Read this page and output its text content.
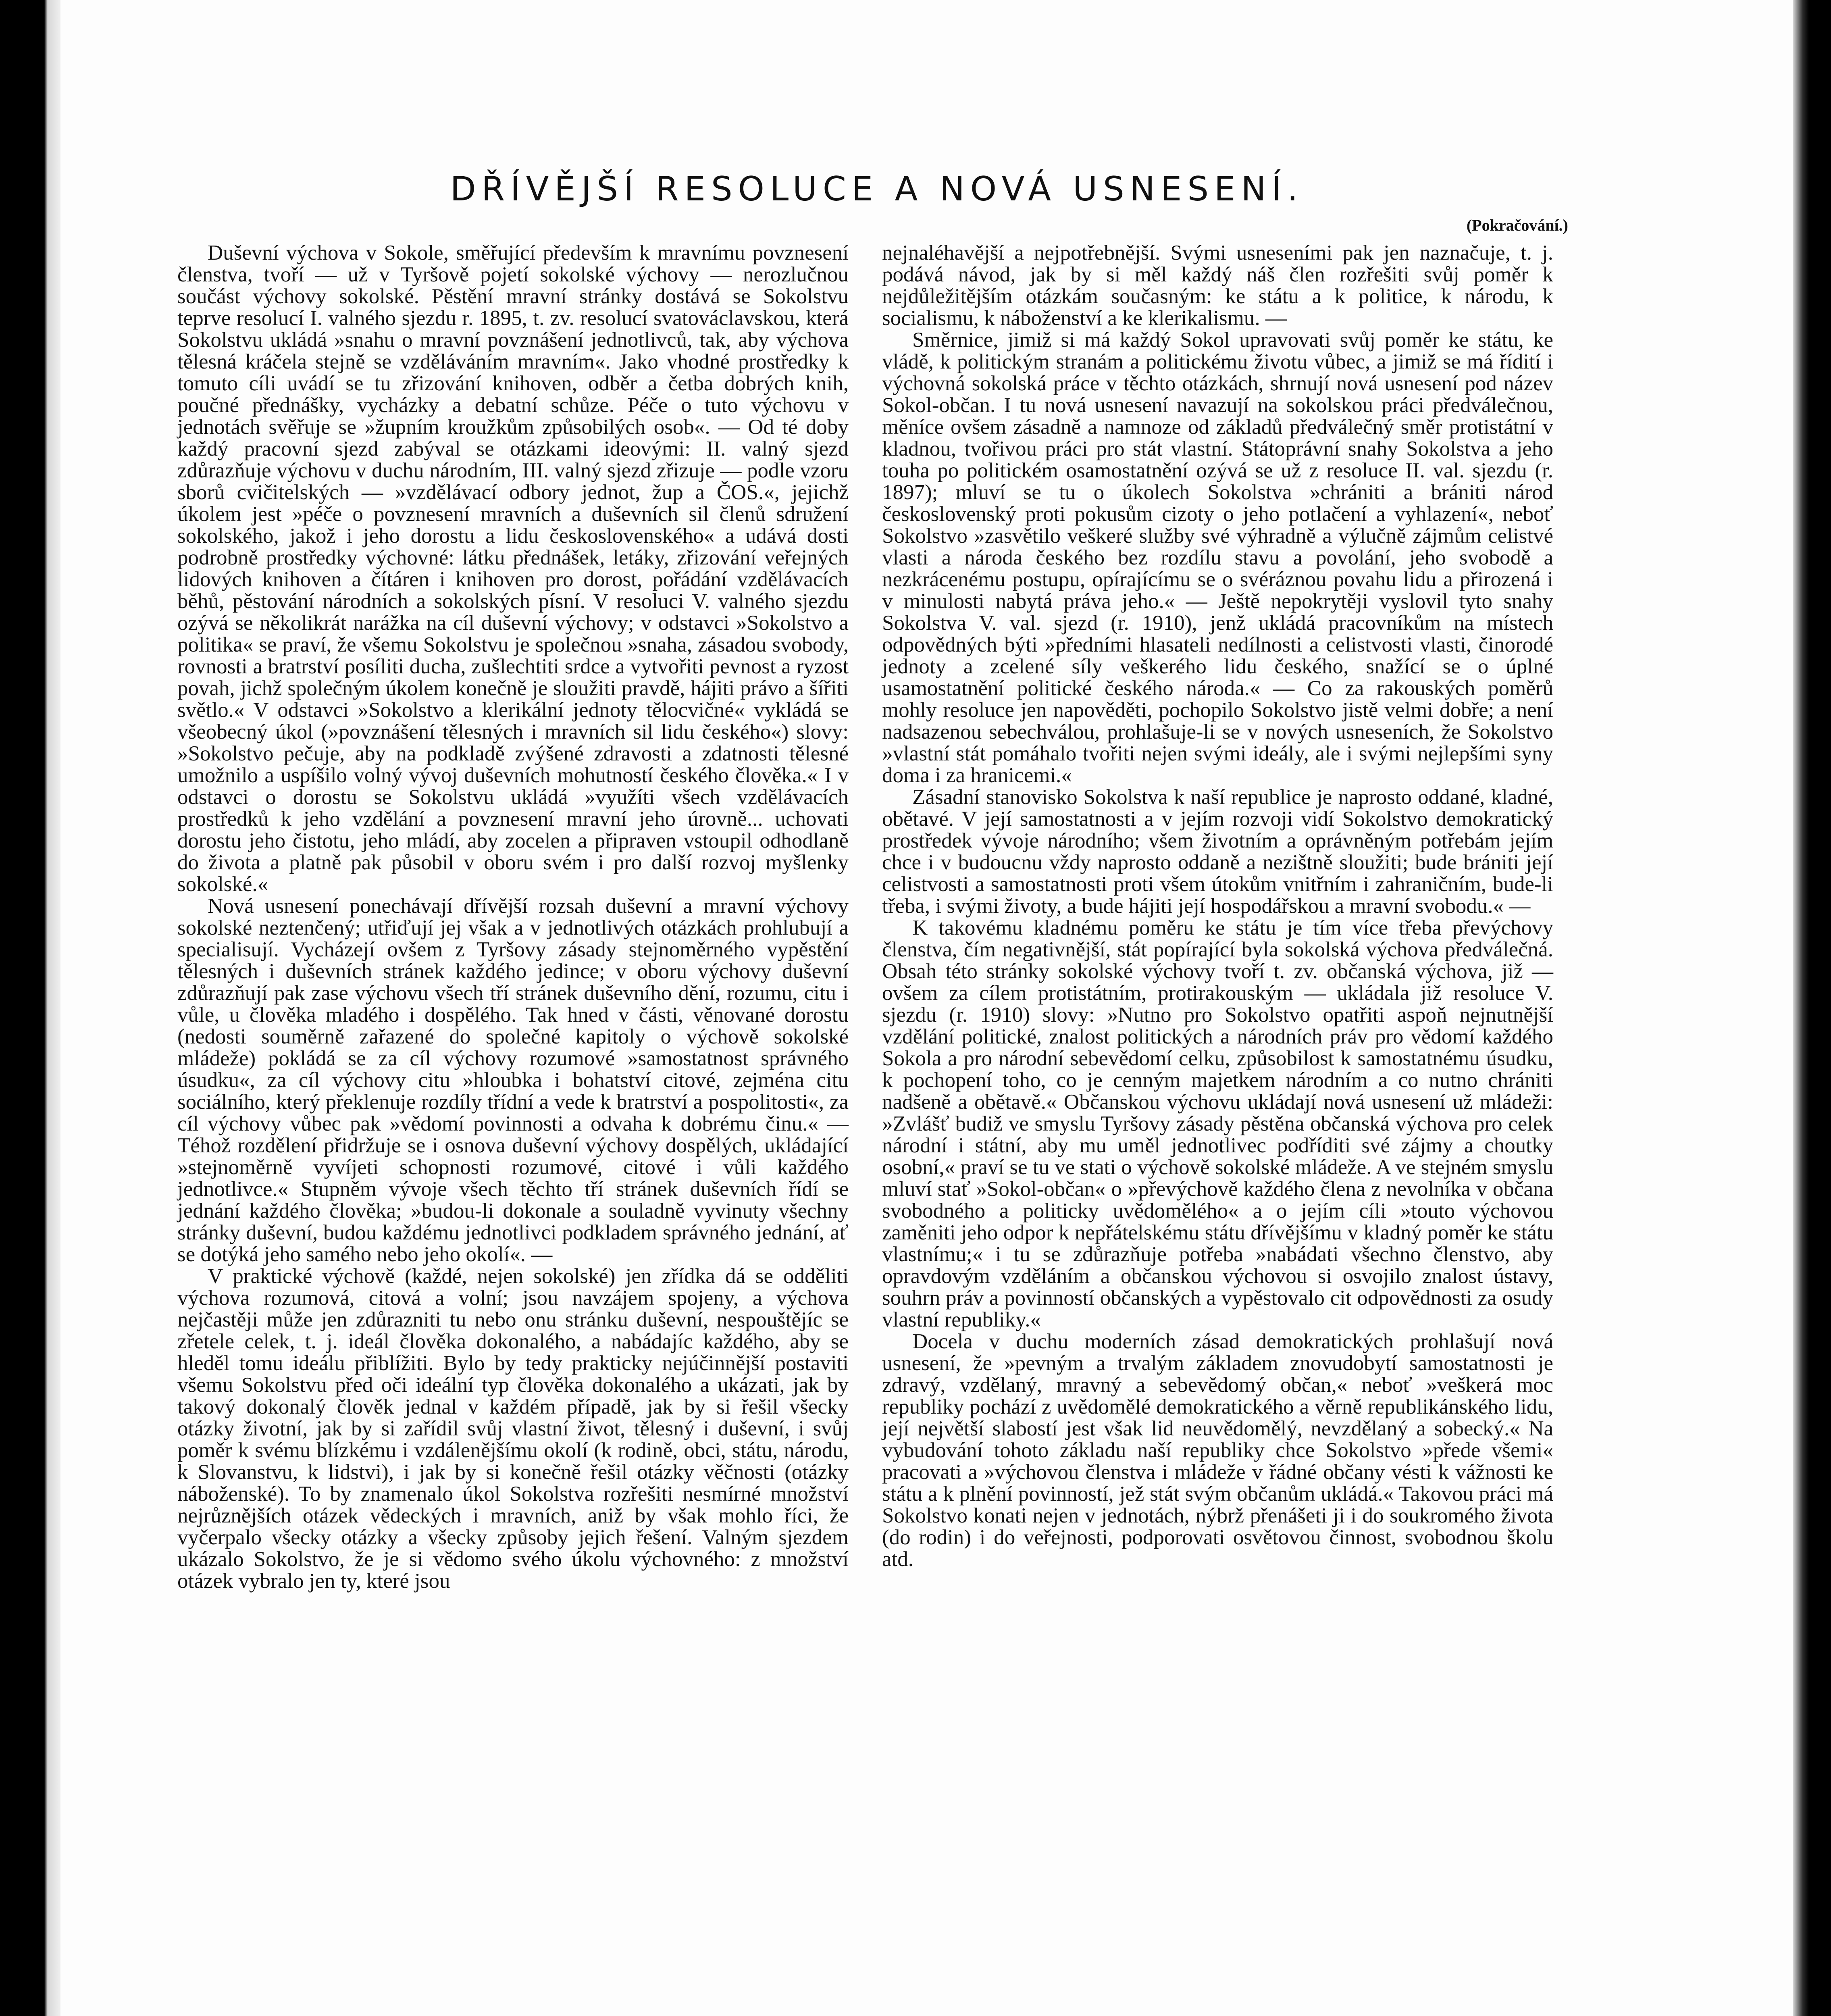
DŘÍVĚJŠÍ RESOLUCE A NOVÁ USNESENÍ.
(Pokračování.)

Duševní výchova v Sokole, směřující především k mravnímu povznesení členstva, tvoří — už v Tyršově pojetí sokolské výchovy — nerozlučnou součást výchovy sokolské. Pěstění mravní stránky dostává se Sokolstvu teprve resolucí I. valného sjezdu r. 1895, t. zv. resolucí svatováclavskou, která Sokolstvu ukládá »snahu o mravní povznášení jednotlivců, tak, aby výchova tělesná kráčela stejně se vzděláváním mravním«. Jako vhodné prostředky k tomuto cíli uvádí se tu zřizování knihoven, odběr a četba dobrých knih, poučné přednášky, vycházky a debatní schůze. Péče o tuto výchovu v jednotách svěřuje se »župním kroužkům způsobilých osob«. — Od té doby každý pracovní sjezd zabýval se otázkami ideovými: II. valný sjezd zdůrazňuje výchovu v duchu národním, III. valný sjezd zřizuje — podle vzoru sborů cvičitelských — »vzdělávací odbory jednot, žup a ČOS.«, jejichž úkolem jest »péče o povznesení mravních a duševních sil členů sdružení sokolského, jakož i jeho dorostu a lidu československého« a udává dosti podrobně prostředky výchovné: látku přednášek, letáky, zřizování veřejných lidových knihoven a čítáren i knihoven pro dorost, pořádání vzdělávacích běhů, pěstování národních a sokolských písní. V resoluci V. valného sjezdu ozývá se několikrát narážka na cíl duševní výchovy; v odstavci »Sokolstvo a politika« se praví, že všemu Sokolstvu je společnou »snaha, zásadou svobody, rovnosti a bratrství posíliti ducha, zušlechtiti srdce a vytvořiti pevnost a ryzost povah, jichž společným úkolem konečně je sloužiti pravdě, hájiti právo a šířiti světlo.« V odstavci »Sokolstvo a klerikální jednoty tělocvičné« vykládá se všeobecný úkol (»povznášení tělesných i mravních sil lidu českého«) slovy: »Sokolstvo pečuje, aby na podkladě zvýšené zdravosti a zdatnosti tělesné umožnilo a uspíšilo volný vývoj duševních mohutností českého člověka.« I v odstavci o dorostu se Sokolstvu ukládá »využíti všech vzdělávacích prostředků k jeho vzdělání a povznesení mravní jeho úrovně... uchovati dorostu jeho čistotu, jeho mládí, aby zocelen a připraven vstoupil odhodlaně do života a platně pak působil v oboru svém i pro další rozvoj myšlenky sokolské.«

Nová usnesení ponechávají dřívější rozsah duševní a mravní výchovy sokolské neztenčený; utřiďují jej však a v jednotlivých otázkách prohlubují a specialisují. Vycházejí ovšem z Tyršovy zásady stejnoměrného vypěstění tělesných i duševních stránek každého jedince; v oboru výchovy duševní zdůrazňují pak zase výchovu všech tří stránek duševního dění, rozumu, citu i vůle, u člověka mladého i dospělého. Tak hned v části, věnované dorostu (nedosti souměrně zařazené do společné kapitoly o výchově sokolské mládeže) pokládá se za cíl výchovy rozumové »samostatnost správného úsudku«, za cíl výchovy citu »hloubka i bohatství citové, zejména citu sociálního, který překlenuje rozdíly třídní a vede k bratrství a pospolitosti«, za cíl výchovy vůbec pak »vědomí povinnosti a odvaha k dobrému činu.« — Téhož rozdělení přidržuje se i osnova duševní výchovy dospělých, ukládající »stejnoměrně vyvíjeti schopnosti rozumové, citové i vůli každého jednotlivce.« Stupněm vývoje všech těchto tří stránek duševních řídí se jednání každého člověka; »budou-li dokonale a souladně vyvinuty všechny stránky duševní, budou každému jednotlivci podkladem správného jednání, ať se dotýká jeho samého nebo jeho okolí«. —

V praktické výchově (každé, nejen sokolské) jen zřídka dá se odděliti výchova rozumová, citová a volní; jsou navzájem spojeny, a výchova nejčastěji může jen zdůrazniti tu nebo onu stránku duševní, nespouštějíc se zřetele celek, t. j. ideál člověka dokonalého, a nabádajíc každého, aby se hleděl tomu ideálu přiblížiti. Bylo by tedy prakticky nejúčinnější postaviti všemu Sokolstvu před oči ideální typ člověka dokonalého a ukázati, jak by takový dokonalý člověk jednal v každém případě, jak by si řešil všecky otázky životní, jak by si zařídil svůj vlastní život, tělesný i duševní, i svůj poměr k svému blízkému i vzdálenějšímu okolí (k rodině, obci, státu, národu, k Slovanstvu, k lidstvi), i jak by si konečně řešil otázky věčnosti (otázky náboženské). To by znamenalo úkol Sokolstva rozřešiti nesmírné množství nejrůznějších otázek vědeckých i mravních, aniž by však mohlo říci, že vyčerpalo všecky otázky a všecky způsoby jejich řešení. Valným sjezdem ukázalo Sokolstvo, že je si vědomo svého úkolu výchovného: z množství otázek vybralo jen ty, které jsou

nejnaléhavější a nejpotřebnější. Svými usneseními pak jen naznačuje, t. j. podává návod, jak by si měl každý náš člen rozřešiti svůj poměr k nejdůležitějším otázkám současným: ke státu a k politice, k národu, k socialismu, k náboženství a ke klerikalismu. —

Směrnice, jimiž si má každý Sokol upravovati svůj poměr ke státu, ke vládě, k politickým stranám a politickému životu vůbec, a jimiž se má řídití i výchovná sokolská práce v těchto otázkách, shrnují nová usnesení pod název Sokol-občan. I tu nová usnesení navazují na sokolskou práci předválečnou, měníce ovšem zásadně a namnoze od základů předválečný směr protistátní v kladnou, tvořivou práci pro stát vlastní. Státoprávní snahy Sokolstva a jeho touha po politickém osamostatnění ozývá se už z resoluce II. val. sjezdu (r. 1897); mluví se tu o úkolech Sokolstva »chrániti a brániti národ československý proti pokusům cizoty o jeho potlačení a vyhlazení«, neboť Sokolstvo »zasvětilo veškeré služby své výhradně a výlučně zájmům celistvé vlasti a národa českého bez rozdílu stavu a povolání, jeho svobodě a nezkrácenému postupu, opírajícímu se o svéráznou povahu lidu a přirozená i v minulosti nabytá práva jeho.« — Ještě nepokrytěji vyslovil tyto snahy Sokolstva V. val. sjezd (r. 1910), jenž ukládá pracovníkům na místech odpovědných býti »předními hlasateli nedílnosti a celistvosti vlasti, činorodé jednoty a zcelené síly veškerého lidu českého, snažící se o úplné usamostatnění politické českého národa.« — Co za rakouských poměrů mohly resoluce jen napověděti, pochopilo Sokolstvo jistě velmi dobře; a není nadsazenou sebechválou, prohlašuje-li se v nových usneseních, že Sokolstvo »vlastní stát pomáhalo tvořiti nejen svými ideály, ale i svými nejlepšími syny doma i za hranicemi.«

Zásadní stanovisko Sokolstva k naší republice je naprosto oddané, kladné, obětavé. V její samostatnosti a v jejím rozvoji vidí Sokolstvo demokratický prostředek vývoje národního; všem životním a oprávněným potřebám jejím chce i v budoucnu vždy naprosto oddaně a nezištně sloužiti; bude brániti její celistvosti a samostatnosti proti všem útokům vnitřním i zahraničním, bude-li třeba, i svými životy, a bude hájiti její hospodářskou a mravní svobodu.« —

K takovému kladnému poměru ke státu je tím více třeba převýchovy členstva, čím negativnější, stát popírající byla sokolská výchova předválečná. Obsah této stránky sokolské výchovy tvoří t. zv. občanská výchova, již — ovšem za cílem protistátním, protirakouským — ukládala již resoluce V. sjezdu (r. 1910) slovy: »Nutno pro Sokolstvo opatřiti aspoň nejnutnější vzdělání politické, znalost politických a národních práv pro vědomí každého Sokola a pro národní sebevědomí celku, způsobilost k samostatnému úsudku, k pochopení toho, co je cenným majetkem národním a co nutno chrániti nadšeně a obětavě.« Občanskou výchovu ukládají nová usnesení už mládeži: »Zvlášť budiž ve smyslu Tyršovy zásady pěstěna občanská výchova pro celek národní i státní, aby mu uměl jednotlivec podříditi své zájmy a choutky osobní,« praví se tu ve stati o výchově sokolské mládeže. A ve stejném smyslu mluví stať »Sokol-občan« o »převýchově každého člena z nevolníka v občana svobodného a politicky uvědomělého« a o jejím cíli »touto výchovou zaměniti jeho odpor k nepřátelskému státu dřívějšímu v kladný poměr ke státu vlastnímu;« i tu se zdůrazňuje potřeba »nabádati všechno členstvo, aby opravdovým vzděláním a občanskou výchovou si osvojilo znalost ústavy, souhrn práv a povinností občanských a vypěstovalo cit odpovědnosti za osudy vlastní republiky.«

Docela v duchu moderních zásad demokratických prohlašují nová usnesení, že »pevným a trvalým základem znovudobytí samostatnosti je zdravý, vzdělaný, mravný a sebevědomý občan,« neboť »veškerá moc republiky pochází z uvědomělé demokratického a věrně republikánského lidu, její největší slabostí jest však lid neuvědomělý, nevzdělaný a sobecký.« Na vybudování tohoto základu naší republiky chce Sokolstvo »přede všemi« pracovati a »výchovou členstva i mládeže v řádné občany vésti k vážnosti ke státu a k plnění povinností, jež stát svým občanům ukládá.« Takovou práci má Sokolstvo konati nejen v jednotách, nýbrž přenášeti ji i do soukromého života (do rodin) i do veřejnosti, podporovati osvětovou činnost, svobodnou školu atd.
